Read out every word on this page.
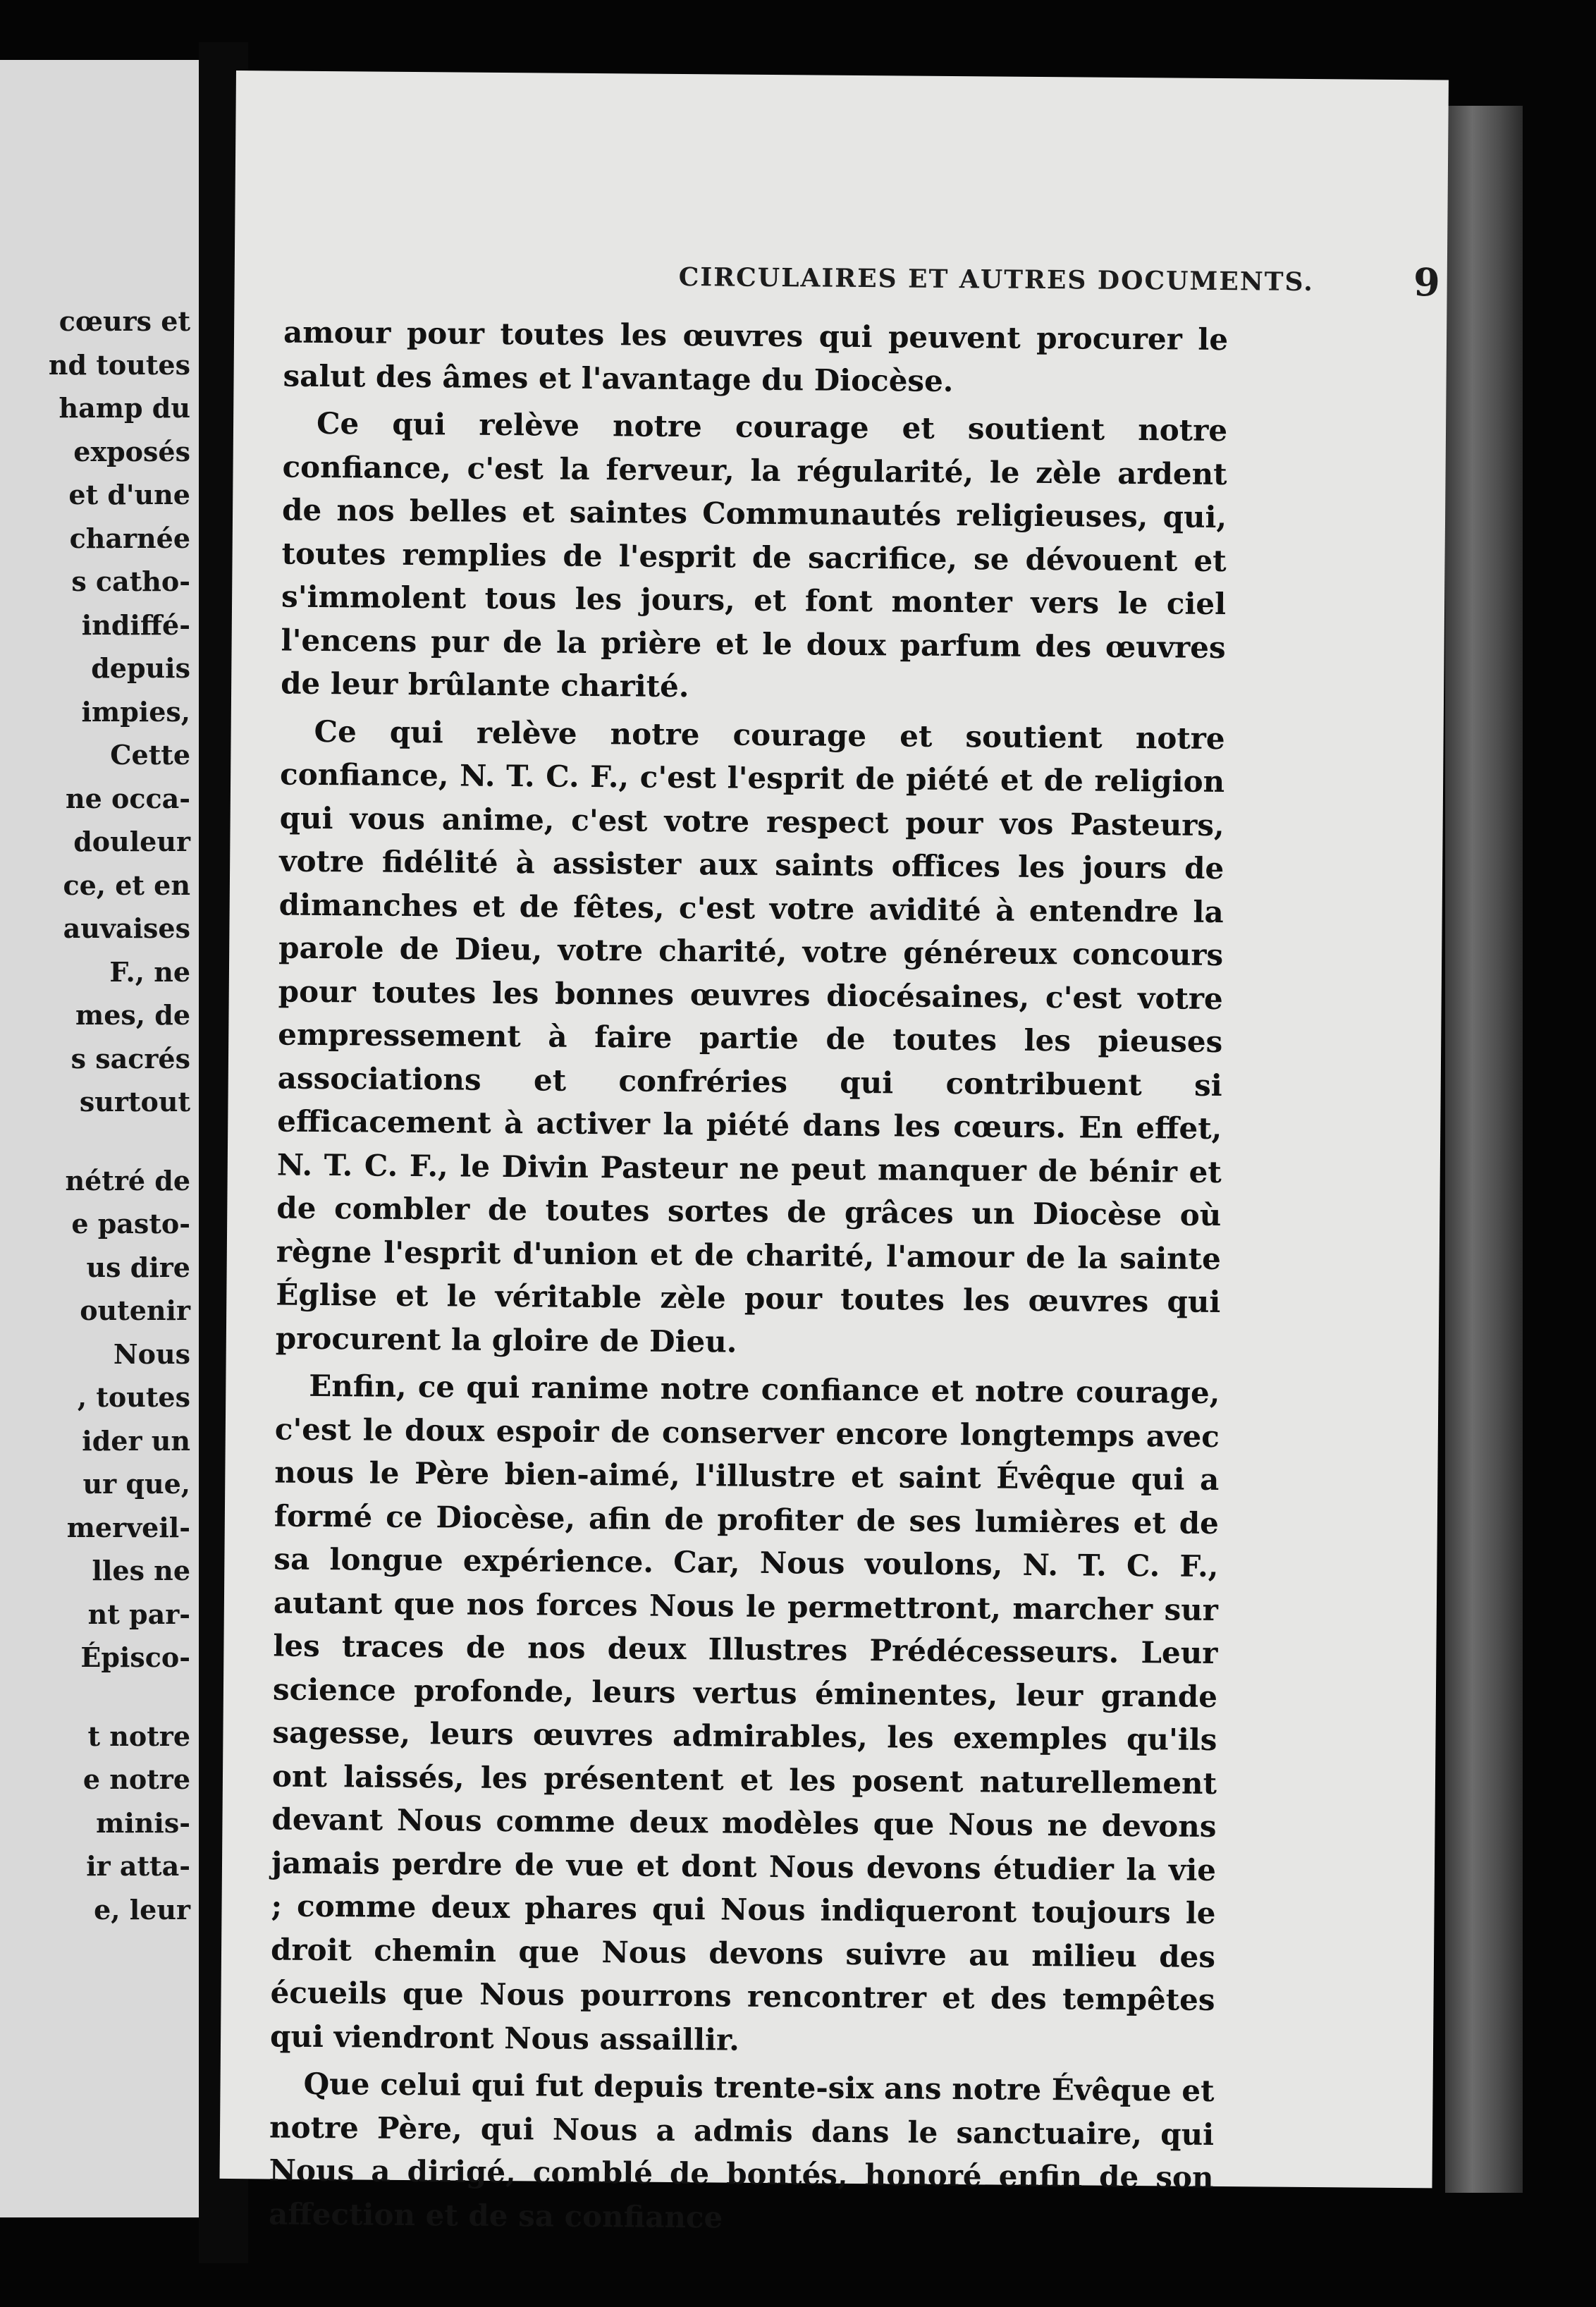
cœurs et
nd toutes
hamp du
exposés
et d'une
charnée
s catho-
indiffé-
depuis
impies,
Cette
ne occa-
douleur
ce, et en
auvaises
F., ne
mes, de
s sacrés
surtout
nétré de
e pasto-
us dire
outenir
Nous
, toutes
ider un
ur que,
merveil-
lles ne
nt par-
Épisco-
t notre
e notre
minis-
ir atta-
e, leur
CIRCULAIRES ET AUTRES DOCUMENTS.	9

amour pour toutes les œuvres qui peuvent procurer le salut des âmes et l'avantage du Diocèse.

Ce qui relève notre courage et soutient notre confiance, c'est la ferveur, la régularité, le zèle ardent de nos belles et saintes Communautés religieuses, qui, toutes remplies de l'esprit de sacrifice, se dévouent et s'immolent tous les jours, et font monter vers le ciel l'encens pur de la prière et le doux parfum des œuvres de leur brûlante charité.

Ce qui relève notre courage et soutient notre confiance, N. T. C. F., c'est l'esprit de piété et de religion qui vous anime, c'est votre respect pour vos Pasteurs, votre fidélité à assister aux saints offices les jours de dimanches et de fêtes, c'est votre avidité à entendre la parole de Dieu, votre charité, votre généreux concours pour toutes les bonnes œuvres diocésaines, c'est votre empressement à faire partie de toutes les pieuses associations et confréries qui contribuent si efficacement à activer la piété dans les cœurs. En effet, N. T. C. F., le Divin Pasteur ne peut manquer de bénir et de combler de toutes sortes de grâces un Diocèse où règne l'esprit d'union et de charité, l'amour de la sainte Église et le véritable zèle pour toutes les œuvres qui procurent la gloire de Dieu.

Enfin, ce qui ranime notre confiance et notre courage, c'est le doux espoir de conserver encore longtemps avec nous le Père bien-aimé, l'illustre et saint Évêque qui a formé ce Diocèse, afin de profiter de ses lumières et de sa longue expérience. Car, Nous voulons, N. T. C. F., autant que nos forces Nous le permettront, marcher sur les traces de nos deux Illustres Prédécesseurs. Leur science profonde, leurs vertus éminentes, leur grande sagesse, leurs œuvres admirables, les exemples qu'ils ont laissés, les présentent et les posent naturellement devant Nous comme deux modèles que Nous ne devons jamais perdre de vue et dont Nous devons étudier la vie ; comme deux phares qui Nous indiqueront toujours le droit chemin que Nous devons suivre au milieu des écueils que Nous pourrons rencontrer et des tempêtes qui viendront Nous assaillir.

Que celui qui fut depuis trente-six ans notre Évêque et notre Père, qui Nous a admis dans le sanctuaire, qui Nous a dirigé, comblé de bontés, honoré enfin de son affection et de sa confiance
